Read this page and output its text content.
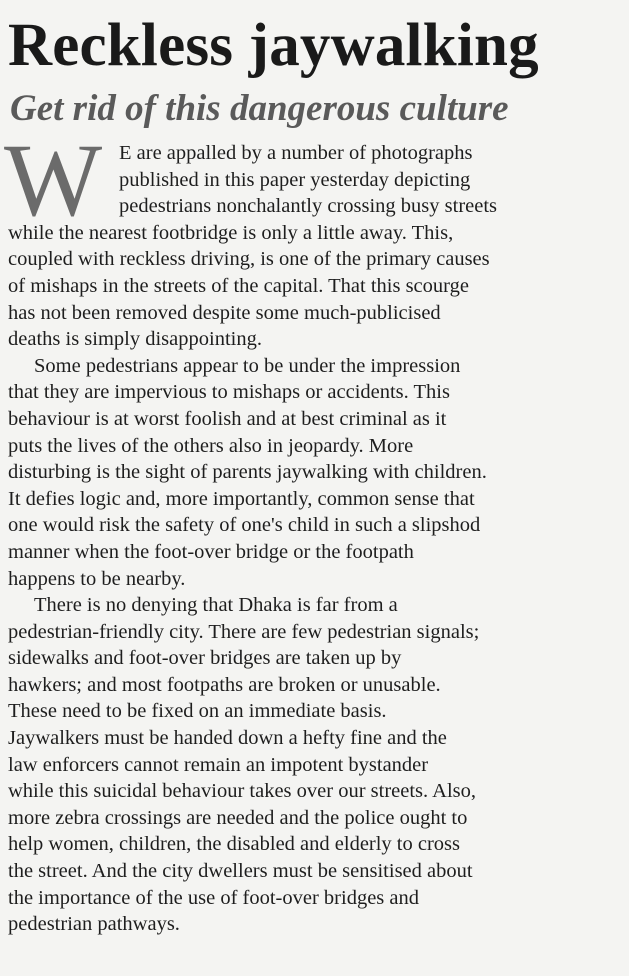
Reckless jaywalking
Get rid of this dangerous culture
W E are appalled by a number of photographs
published in this paper yesterday depicting
pedestrians nonchalantly crossing busy streets
while the nearest footbridge is only a little away. This,
coupled with reckless driving, is one of the primary causes
of mishaps in the streets of the capital. That this scourge
has not been removed despite some much-publicised
deaths is simply disappointing.
Some pedestrians appear to be under the impression
that they are impervious to mishaps or accidents. This
behaviour is at worst foolish and at best criminal as it
puts the lives of the others also in jeopardy. More
disturbing is the sight of parents jaywalking with children.
It defies logic and, more importantly, common sense that
one would risk the safety of one's child in such a slipshod
manner when the foot-over bridge or the footpath
happens to be nearby.
There is no denying that Dhaka is far from a
pedestrian-friendly city. There are few pedestrian signals;
sidewalks and foot-over bridges are taken up by
hawkers; and most footpaths are broken or unusable.
These need to be fixed on an immediate basis.
Jaywalkers must be handed down a hefty fine and the
law enforcers cannot remain an impotent bystander
while this suicidal behaviour takes over our streets. Also,
more zebra crossings are needed and the police ought to
help women, children, the disabled and elderly to cross
the street. And the city dwellers must be sensitised about
the importance of the use of foot-over bridges and
pedestrian pathways.
